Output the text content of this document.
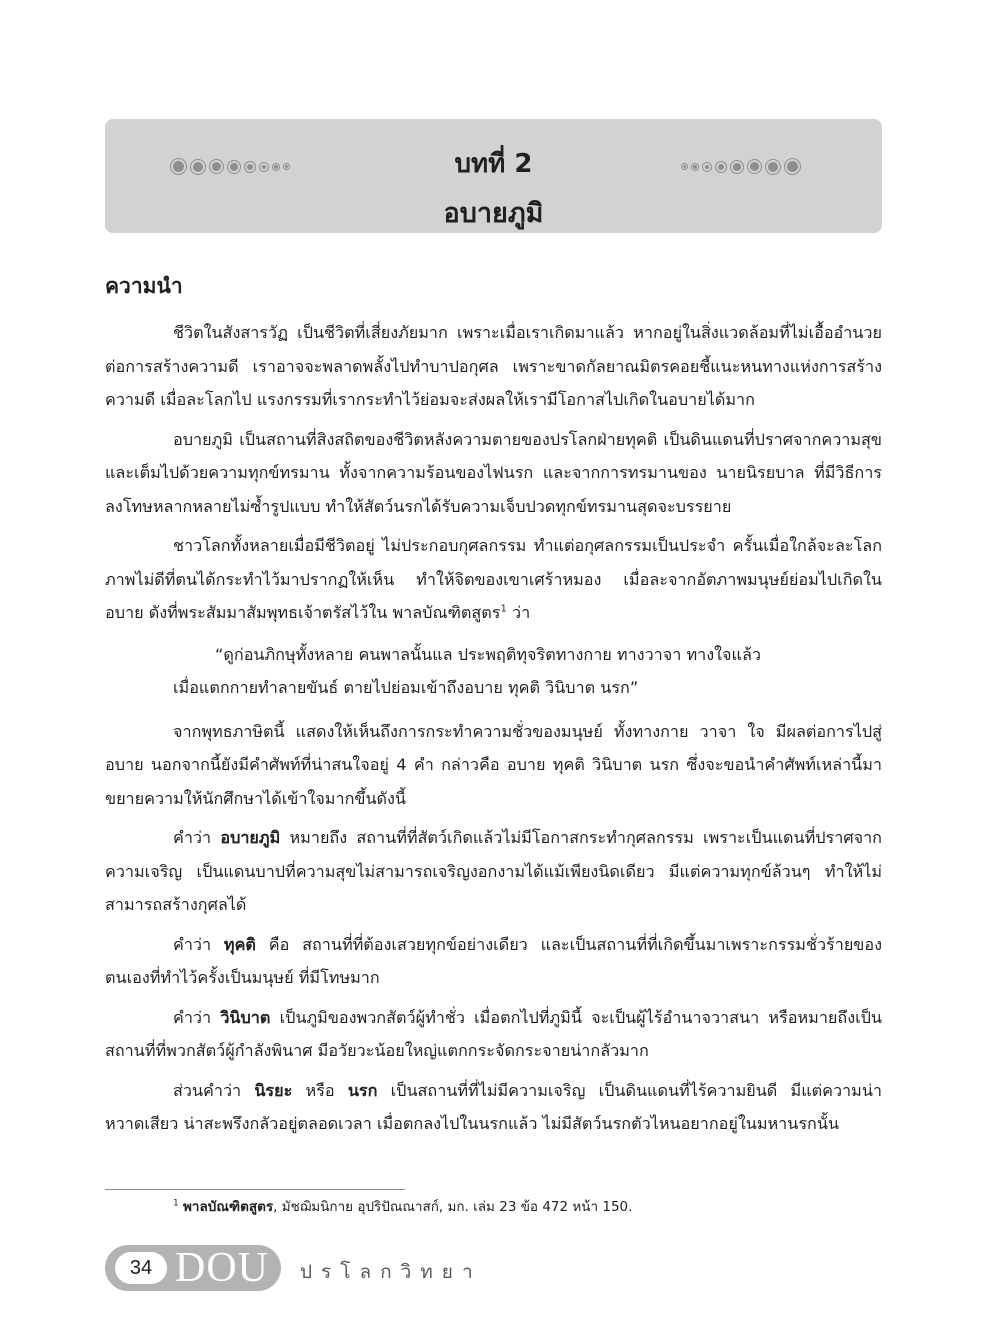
บทที่ 2
อบายภูมิ
ความนำ

ชีวิตในสังสารวัฏ เป็นชีวิตที่เสี่ยงภัยมาก เพราะเมื่อเราเกิดมาแล้ว หากอยู่ในสิ่งแวดล้อมที่ไม่เอื้ออำนวยต่อการสร้างความดี เราอาจจะพลาดพลั้งไปทำบาปอกุศล เพราะขาดกัลยาณมิตรคอยชี้แนะหนทางแห่งการสร้างความดี เมื่อละโลกไป แรงกรรมที่เรากระทำไว้ย่อมจะส่งผลให้เรามีโอกาสไปเกิดในอบายได้มาก

อบายภูมิ เป็นสถานที่สิงสถิตของชีวิตหลังความตายของปรโลกฝ่ายทุคติ เป็นดินแดนที่ปราศจากความสุข และเต็มไปด้วยความทุกข์ทรมาน ทั้งจากความร้อนของไฟนรก และจากการทรมานของ นายนิรยบาล ที่มีวิธีการลงโทษหลากหลายไม่ซ้ำรูปแบบ ทำให้สัตว์นรกได้รับความเจ็บปวดทุกข์ทรมานสุดจะบรรยาย

ชาวโลกทั้งหลายเมื่อมีชีวิตอยู่ ไม่ประกอบกุศลกรรม ทำแต่อกุศลกรรมเป็นประจำ ครั้นเมื่อใกล้จะละโลก ภาพไม่ดีที่ตนได้กระทำไว้มาปรากฏให้เห็น ทำให้จิตของเขาเศร้าหมอง เมื่อละจากอัตภาพมนุษย์ย่อมไปเกิดในอบาย ดังที่พระสัมมาสัมพุทธเจ้าตรัสไว้ใน พาลบัณฑิตสูตร$^1$ ว่า

“ดูก่อนภิกษุทั้งหลาย คนพาลนั้นแล ประพฤติทุจริตทางกาย ทางวาจา ทางใจแล้ว
เมื่อแตกกายทำลายขันธ์ ตายไปย่อมเข้าถึงอบาย ทุคติ วินิบาต นรก”

จากพุทธภาษิตนี้ แสดงให้เห็นถึงการกระทำความชั่วของมนุษย์ ทั้งทางกาย วาจา ใจ มีผลต่อการไปสู่อบาย นอกจากนี้ยังมีคำศัพท์ที่น่าสนใจอยู่ 4 คำ กล่าวคือ อบาย ทุคติ วินิบาต นรก ซึ่งจะขอนำคำศัพท์เหล่านี้มาขยายความให้นักศึกษาได้เข้าใจมากขึ้นดังนี้

คำว่า อบายภูมิ หมายถึง สถานที่ที่สัตว์เกิดแล้วไม่มีโอกาสกระทำกุศลกรรม เพราะเป็นแดนที่ปราศจากความเจริญ เป็นแดนบาปที่ความสุขไม่สามารถเจริญงอกงามได้แม้เพียงนิดเดียว มีแต่ความทุกข์ล้วนๆ ทำให้ไม่สามารถสร้างกุศลได้

คำว่า ทุคติ คือ สถานที่ที่ต้องเสวยทุกข์อย่างเดียว และเป็นสถานที่ที่เกิดขึ้นมาเพราะกรรมชั่วร้ายของตนเองที่ทำไว้ครั้งเป็นมนุษย์ ที่มีโทษมาก

คำว่า วินิบาต เป็นภูมิของพวกสัตว์ผู้ทำชั่ว เมื่อตกไปที่ภูมินี้ จะเป็นผู้ไร้อำนาจวาสนา หรือหมายถึงเป็นสถานที่ที่พวกสัตว์ผู้กำลังพินาศ มีอวัยวะน้อยใหญ่แตกกระจัดกระจายน่ากลัวมาก

ส่วนคำว่า นิรยะ หรือ นรก เป็นสถานที่ที่ไม่มีความเจริญ เป็นดินแดนที่ไร้ความยินดี มีแต่ความน่าหวาดเสียว น่าสะพรึงกลัวอยู่ตลอดเวลา เมื่อตกลงไปในนรกแล้ว ไม่มีสัตว์นรกตัวไหนอยากอยู่ในมหานรกนั้น

$^1$ พาลบัณฑิตสูตร, มัชฌิมนิกาย อุปริปัณณาสก์, มก. เล่ม 23 ข้อ 472 หน้า 150.
34 DOU ปรโลกวิทยา
